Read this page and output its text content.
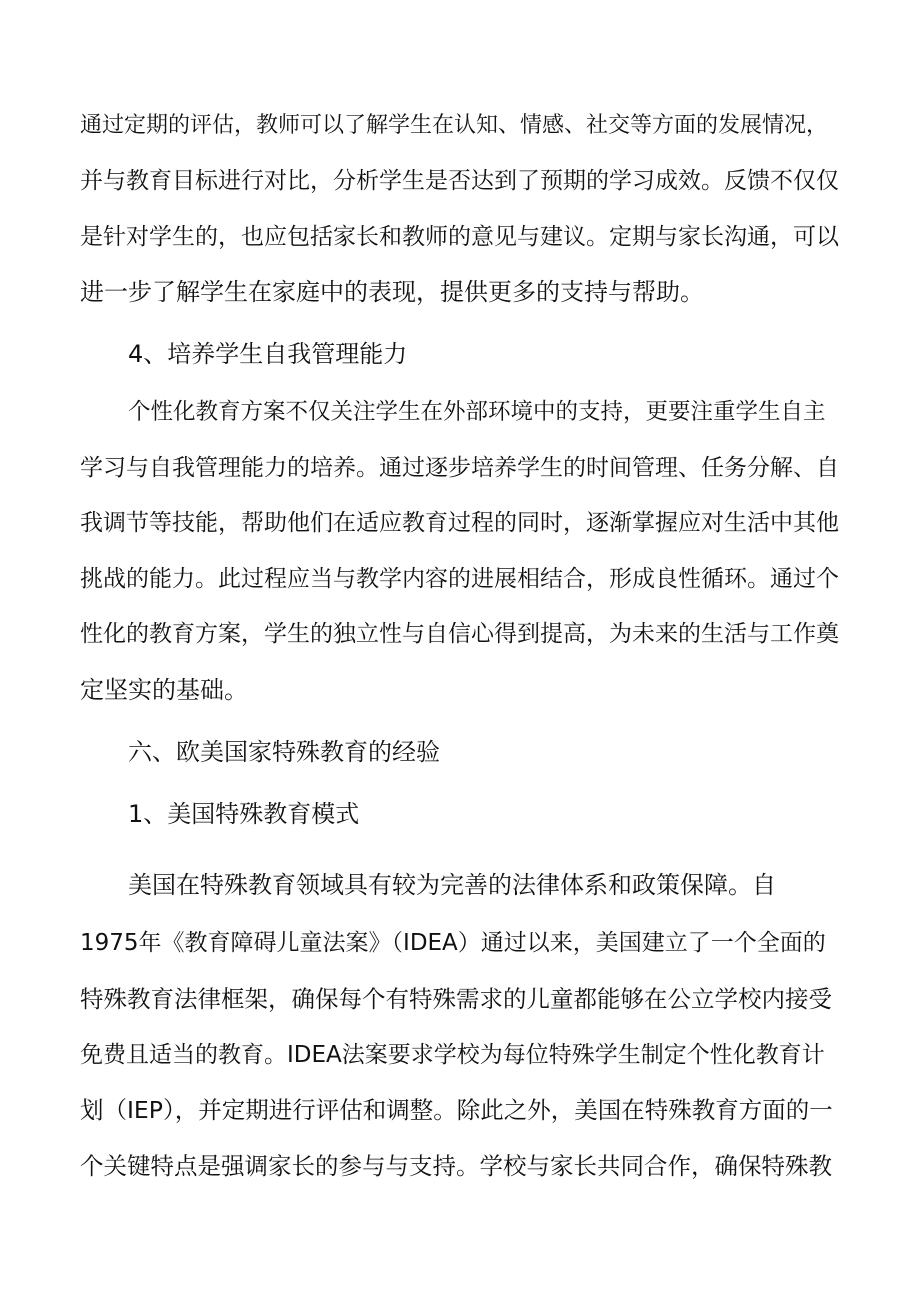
通过定期的评估，教师可以了解学生在认知、情感、社交等方面的发展情况，
并与教育目标进行对比，分析学生是否达到了预期的学习成效。反馈不仅仅
是针对学生的，也应包括家长和教师的意见与建议。定期与家长沟通，可以
进一步了解学生在家庭中的表现，提供更多的支持与帮助。
4、培养学生自我管理能力
个性化教育方案不仅关注学生在外部环境中的支持，更要注重学生自主
学习与自我管理能力的培养。通过逐步培养学生的时间管理、任务分解、自
我调节等技能，帮助他们在适应教育过程的同时，逐渐掌握应对生活中其他
挑战的能力。此过程应当与教学内容的进展相结合，形成良性循环。通过个
性化的教育方案，学生的独立性与自信心得到提高，为未来的生活与工作奠
定坚实的基础。
六、欧美国家特殊教育的经验
1、美国特殊教育模式
美国在特殊教育领域具有较为完善的法律体系和政策保障。自
1975年《教育障碍儿童法案》（IDEA）通过以来，美国建立了一个全面的
特殊教育法律框架，确保每个有特殊需求的儿童都能够在公立学校内接受
免费且适当的教育。IDEA法案要求学校为每位特殊学生制定个性化教育计
划（IEP），并定期进行评估和调整。除此之外，美国在特殊教育方面的一
个关键特点是强调家长的参与与支持。学校与家长共同合作，确保特殊教
